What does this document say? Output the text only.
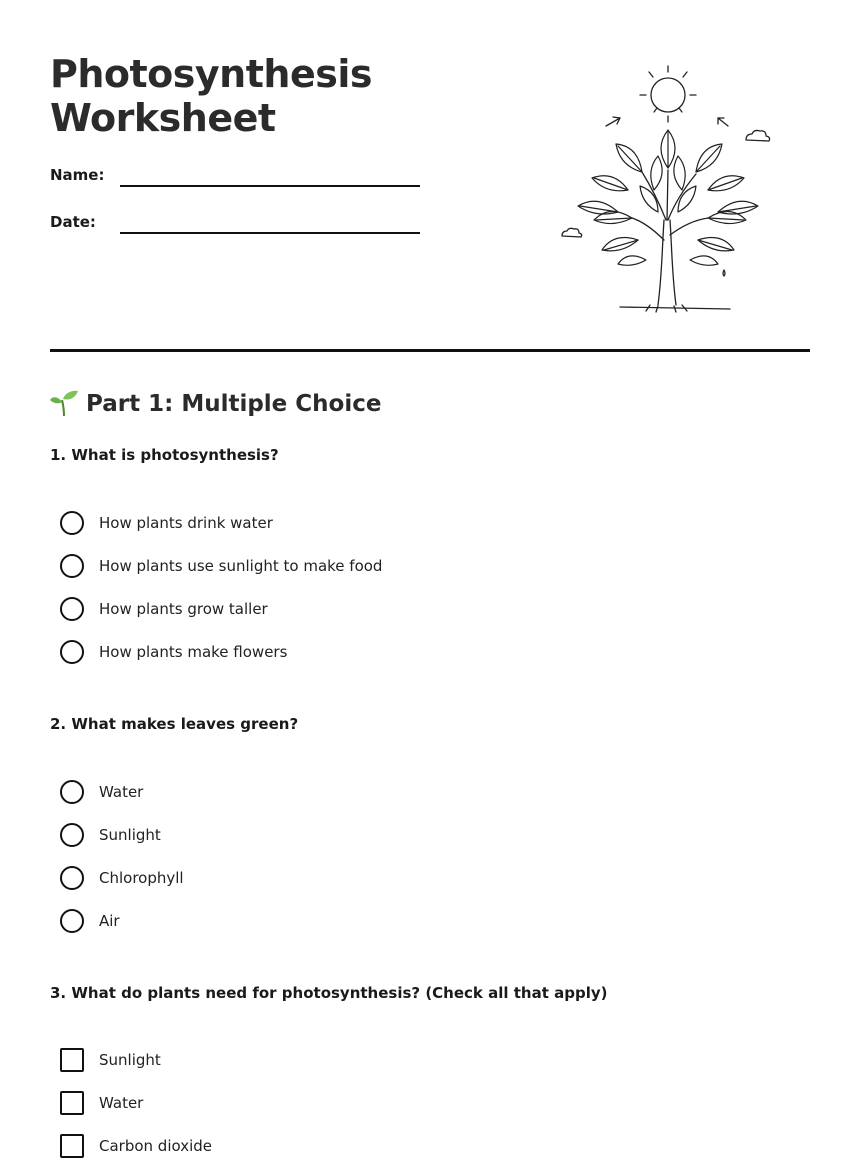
Photosynthesis Worksheet
Name:
Date:
Part 1: Multiple Choice
1. What is photosynthesis?
How plants drink water
How plants use sunlight to make food
How plants grow taller
How plants make flowers
2. What makes leaves green?
Water
Sunlight
Chlorophyll
Air
3. What do plants need for photosynthesis? (Check all that apply)
Sunlight
Water
Carbon dioxide
